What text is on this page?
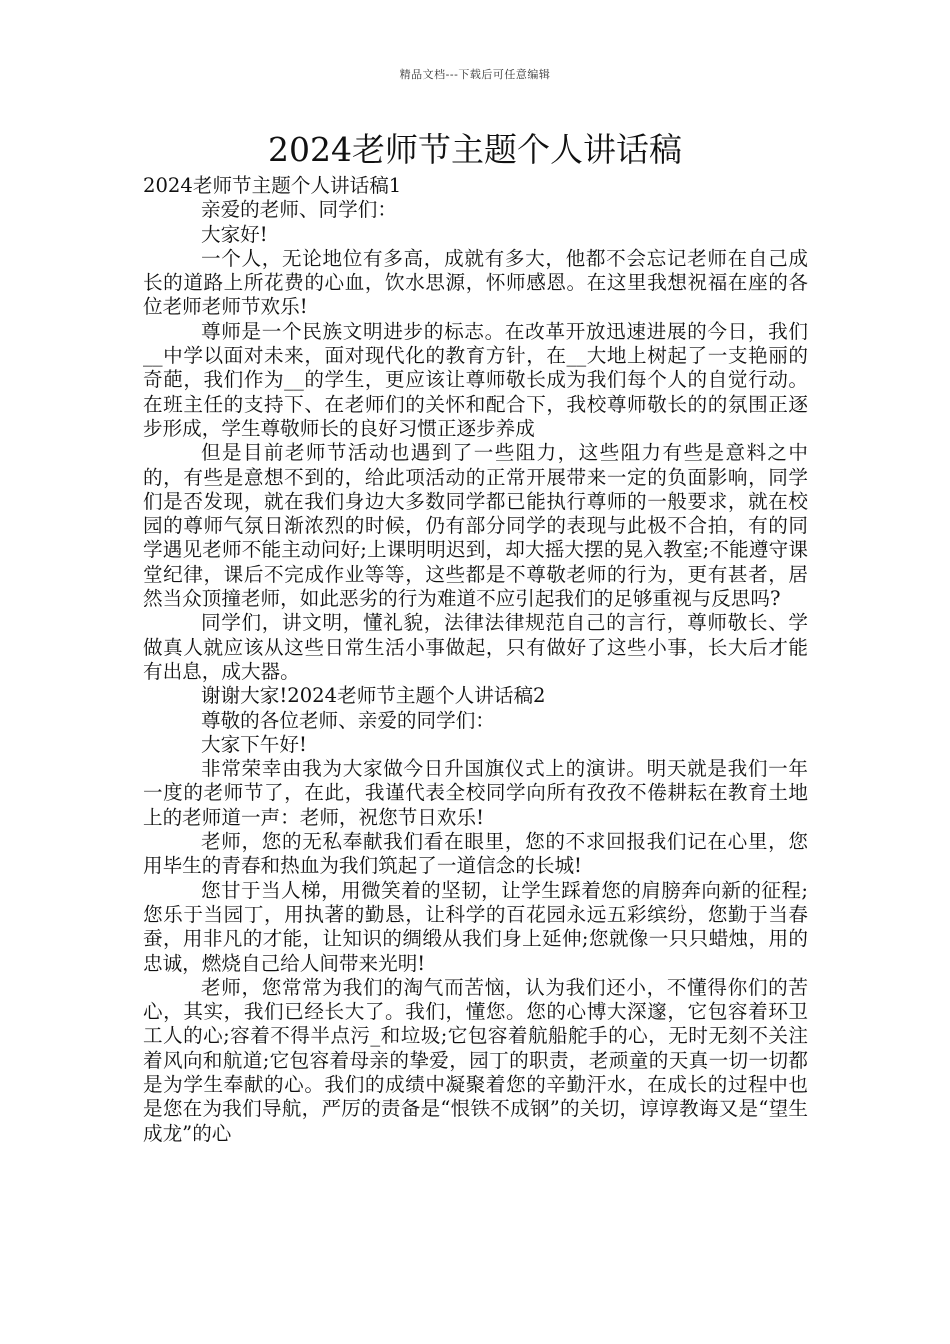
精品文档---下载后可任意编辑
2024老师节主题个人讲话稿

2024老师节主题个人讲话稿1

亲爱的老师、同学们：

大家好!

一个人，无论地位有多高，成就有多大，他都不会忘记老师在自己成长的道路上所花费的心血，饮水思源，怀师感恩。在这里我想祝福在座的各位老师老师节欢乐!

尊师是一个民族文明进步的标志。在改革开放迅速进展的今日，我们__中学以面对未来，面对现代化的教育方针，在__大地上树起了一支艳丽的奇葩，我们作为__的学生，更应该让尊师敬长成为我们每个人的自觉行动。在班主任的支持下、在老师们的关怀和配合下，我校尊师敬长的的氛围正逐步形成，学生尊敬师长的良好习惯正逐步养成

但是目前老师节活动也遇到了一些阻力，这些阻力有些是意料之中的，有些是意想不到的，给此项活动的正常开展带来一定的负面影响，同学们是否发现，就在我们身边大多数同学都已能执行尊师的一般要求，就在校园的尊师气氛日渐浓烈的时候，仍有部分同学的表现与此极不合拍，有的同学遇见老师不能主动问好;上课明明迟到，却大摇大摆的晃入教室;不能遵守课堂纪律，课后不完成作业等等，这些都是不尊敬老师的行为，更有甚者，居然当众顶撞老师，如此恶劣的行为难道不应引起我们的足够重视与反思吗?

同学们，讲文明，懂礼貌，法律法律规范自己的言行，尊师敬长、学做真人就应该从这些日常生活小事做起，只有做好了这些小事，长大后才能有出息，成大器。

谢谢大家!2024老师节主题个人讲话稿2

尊敬的各位老师、亲爱的同学们：

大家下午好!

非常荣幸由我为大家做今日升国旗仪式上的演讲。明天就是我们一年一度的老师节了，在此，我谨代表全校同学向所有孜孜不倦耕耘在教育土地上的老师道一声：老师，祝您节日欢乐!

老师，您的无私奉献我们看在眼里，您的不求回报我们记在心里，您用毕生的青春和热血为我们筑起了一道信念的长城!

您甘于当人梯，用微笑着的坚韧，让学生踩着您的肩膀奔向新的征程;您乐于当园丁，用执著的勤恳，让科学的百花园永远五彩缤纷，您勤于当春蚕，用非凡的才能，让知识的绸缎从我们身上延伸;您就像一只只蜡烛，用的忠诚，燃烧自己给人间带来光明!

老师，您常常为我们的淘气而苦恼，认为我们还小，不懂得你们的苦心，其实，我们已经长大了。我们，懂您。您的心博大深邃，它包容着环卫工人的心;容着不得半点污_和垃圾;它包容着航船舵手的心，无时无刻不关注着风向和航道;它包容着母亲的挚爱，园丁的职责，老顽童的天真一切一切都是为学生奉献的心。我们的成绩中凝聚着您的辛勤汗水，在成长的过程中也是您在为我们导航，严厉的责备是“恨铁不成钢”的关切，谆谆教诲又是“望生成龙”的心
